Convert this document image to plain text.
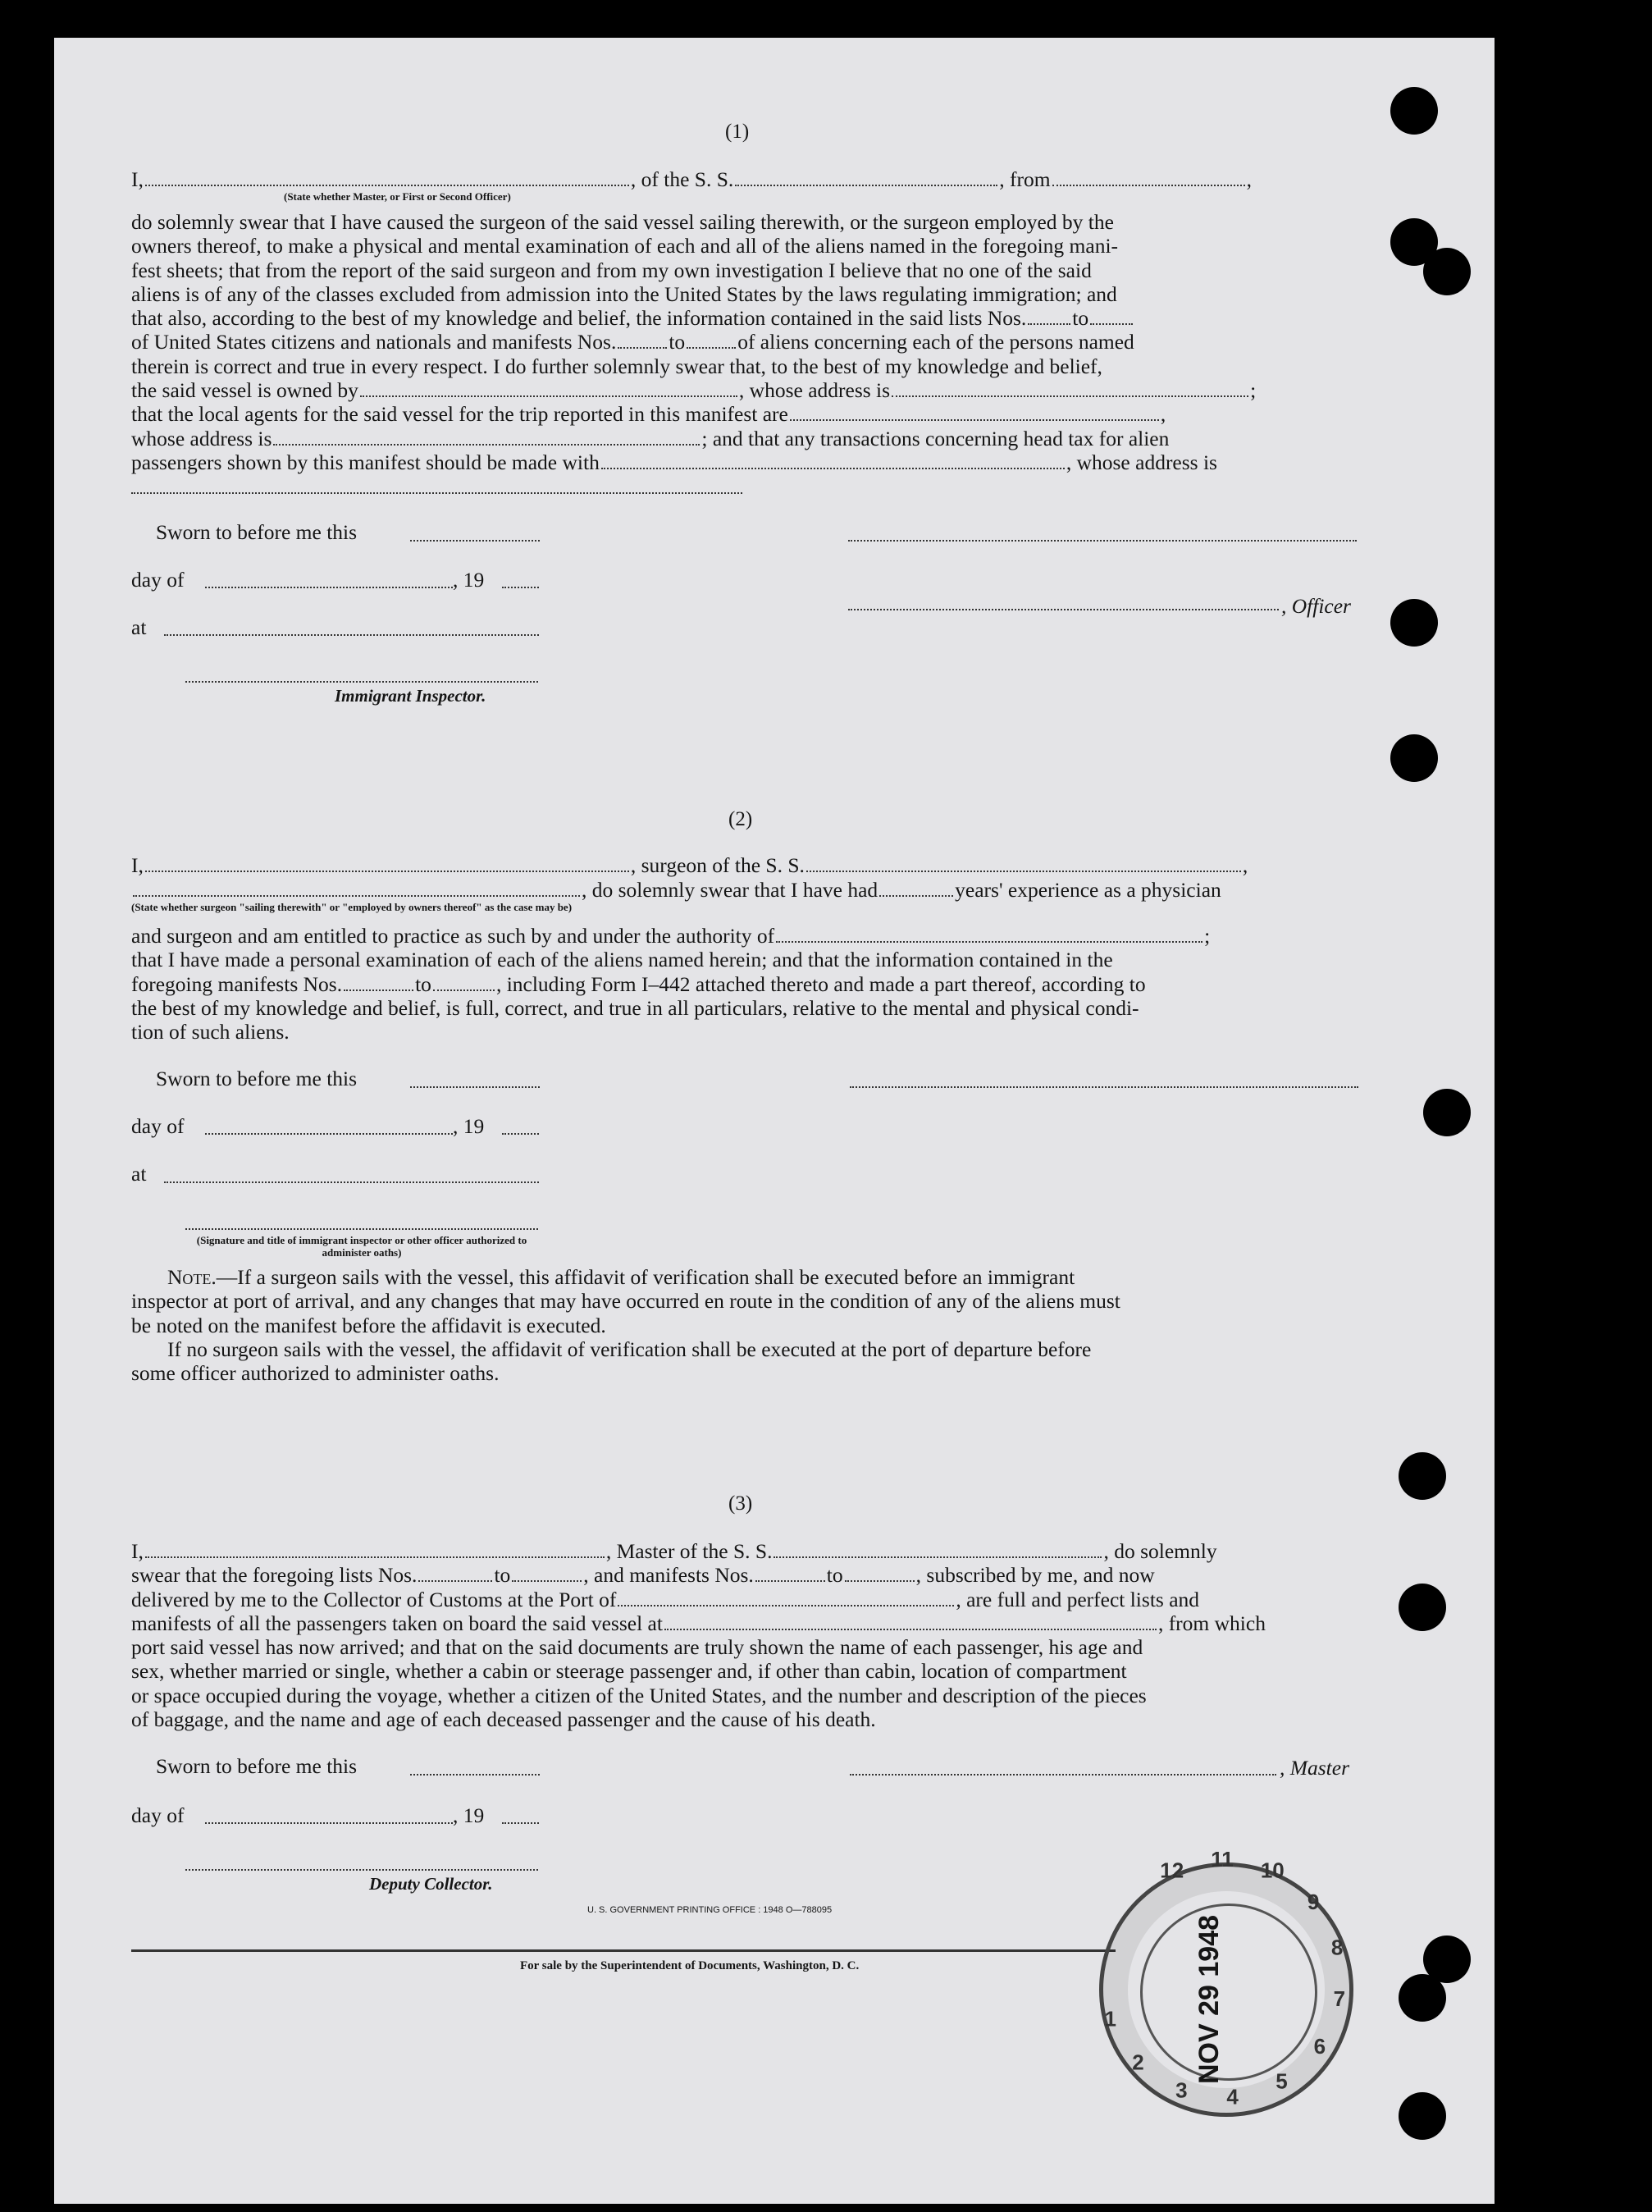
(1)
I,	, of the S. S.	, from	,
(State whether Master, or First or Second Officer)
do solemnly swear that I have caused the surgeon of the said vessel sailing therewith, or the surgeon employed by the
owners thereof, to make a physical and mental examination of each and all of the aliens named in the foregoing mani-
fest sheets; that from the report of the said surgeon and from my own investigation I believe that no one of the said
aliens is of any of the classes excluded from admission into the United States by the laws regulating immigration; and
that also, according to the best of my knowledge and belief, the information contained in the said lists Nos. to
of United States citizens and nationals and manifests Nos.	to	of aliens concerning each of the persons named
therein is correct and true in every respect. I do further solemnly swear that, to the best of my knowledge and belief,
the said vessel is owned by	, whose address is	;
that the local agents for the said vessel for the trip reported in this manifest are	,
whose address is	; and that any transactions concerning head tax for alien
passengers shown by this manifest should be made with	, whose address is
Sworn to before me this
day of	, 19
, Officer
at
Immigrant Inspector.
(2)
I,	, surgeon of the S. S.	,
, do solemnly swear that I have had	years' experience as a physician
(State whether surgeon "sailing therewith" or "employed by owners thereof" as the case may be)
and surgeon and am entitled to practice as such by and under the authority of	;
that I have made a personal examination of each of the aliens named herein; and that the information contained in the
foregoing manifests Nos.	to	, including Form I–442 attached thereto and made a part thereof, according to
the best of my knowledge and belief, is full, correct, and true in all particulars, relative to the mental and physical condi-
tion of such aliens.
Sworn to before me this
day of	, 19
at
(Signature and title of immigrant inspector or other officer authorized to administer oaths)
Note.—If a surgeon sails with the vessel, this affidavit of verification shall be executed before an immigrant
inspector at port of arrival, and any changes that may have occurred en route in the condition of any of the aliens must
be noted on the manifest before the affidavit is executed.
If no surgeon sails with the vessel, the affidavit of verification shall be executed at the port of departure before
some officer authorized to administer oaths.
(3)
I,	, Master of the S. S.	, do solemnly
swear that the foregoing lists Nos.	to	, and manifests Nos.	to	, subscribed by me, and now
delivered by me to the Collector of Customs at the Port of	, are full and perfect lists and
manifests of all the passengers taken on board the said vessel at	, from which
port said vessel has now arrived; and that on the said documents are truly shown the name of each passenger, his age and
sex, whether married or single, whether a cabin or steerage passenger and, if other than cabin, location of compartment
or space occupied during the voyage, whether a citizen of the United States, and the number and description of the pieces
of baggage, and the name and age of each deceased passenger and the cause of his death.
Sworn to before me this	, Master
day of	, 19
Deputy Collector.
U. S. GOVERNMENT PRINTING OFFICE : 1948 O—788095
For sale by the Superintendent of Documents, Washington, D. C.
1
2
3 4
5
6
7
8
9
10
11
12
NOV 29 1948
